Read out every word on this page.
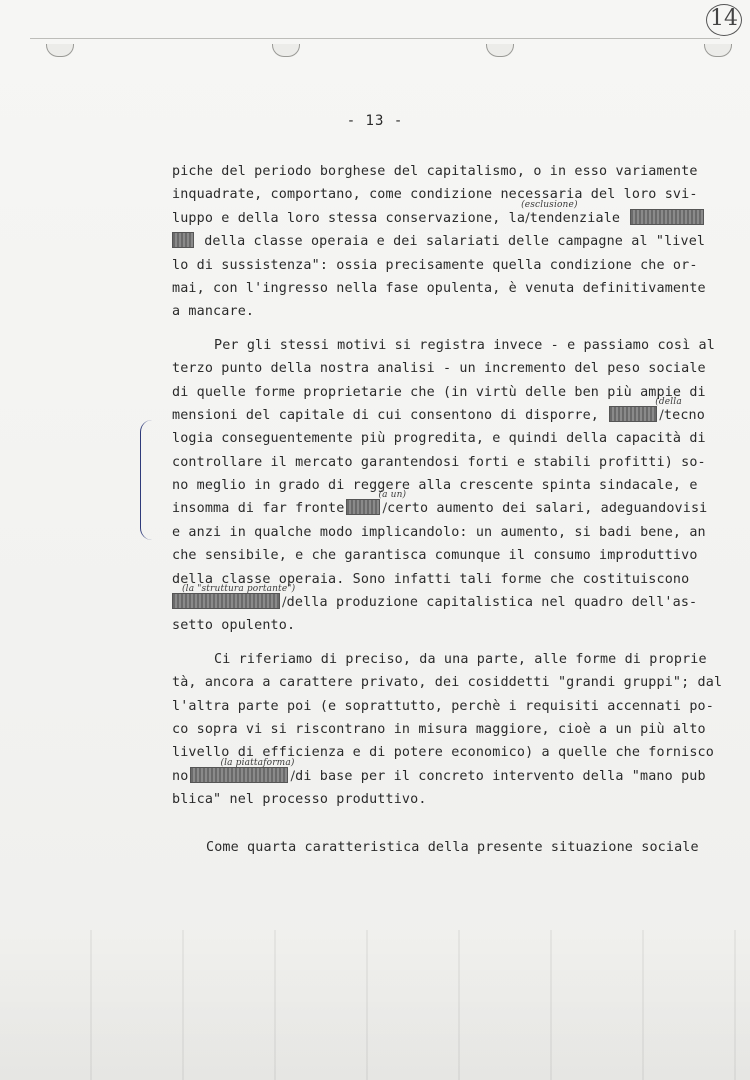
14
- 13 -
piche del periodo borghese del capitalismo, o in esso variamente
inquadrate, comportano, come condizione necessaria del loro svi-
luppo e della loro stessa conservazione, la
(esclusione)
/tendenziale
della classe operaia e dei salariati delle campagne al "livel
lo di sussistenza": ossia precisamente quella condizione che or-
mai, con l'ingresso nella fase opulenta, è venuta definitivamente
a mancare.
Per gli stessi motivi si registra invece - e passiamo così al
terzo punto della nostra analisi - un incremento del peso sociale
di quelle forme proprietarie che (in virtù delle ben più ampie di
mensioni del capitale di cui consentono di disporre,
(della
/tecno
logia conseguentemente più progredita, e quindi della capacità di
controllare il mercato garantendosi forti e stabili profitti) so-
no meglio in grado di reggere alla crescente spinta sindacale, e
insomma di far fronte
(a un)
/certo aumento dei salari, adeguandovisi
e anzi in qualche modo implicandolo: un aumento, si badi bene, an
che sensibile, e che garantisca comunque il consumo improduttivo
della classe operaia. Sono infatti tali forme che costituiscono
(la "struttura portante")
/della produzione capitalistica nel quadro dell'as-
setto opulento.
Ci riferiamo di preciso, da una parte, alle forme di proprie
tà, ancora a carattere privato, dei cosiddetti "grandi gruppi"; dal
l'altra parte poi (e soprattutto, perchè i requisiti accennati po-
co sopra vi si riscontrano in misura maggiore, cioè a un più alto
livello di efficienza e di potere economico) a quelle che fornisco
no
(la piattaforma)
/di base per il concreto intervento della "mano pub
blica" nel processo produttivo.
Come quarta caratteristica della presente situazione sociale
